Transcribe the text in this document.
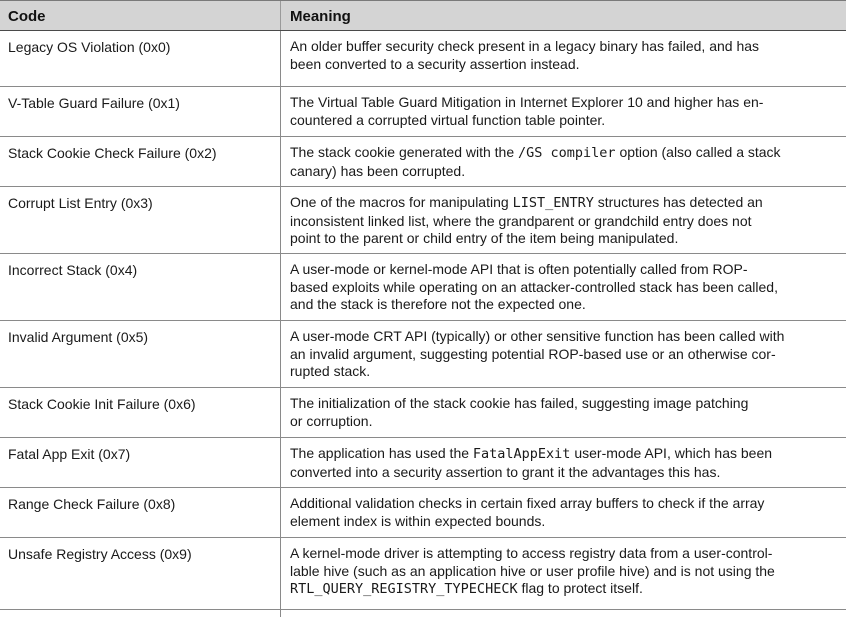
Code	Meaning
Legacy OS Violation (0x0)	An older buffer security check present in a legacy binary has failed, and has
been converted to a security assertion instead.
V-Table Guard Failure (0x1)	The Virtual Table Guard Mitigation in Internet Explorer 10 and higher has en-
countered a corrupted virtual function table pointer.
Stack Cookie Check Failure (0x2)	The stack cookie generated with the /GS compiler option (also called a stack
canary) has been corrupted.
Corrupt List Entry (0x3)	One of the macros for manipulating LIST_ENTRY structures has detected an
inconsistent linked list, where the grandparent or grandchild entry does not
point to the parent or child entry of the item being manipulated.
Incorrect Stack (0x4)	A user-mode or kernel-mode API that is often potentially called from ROP-
based exploits while operating on an attacker-controlled stack has been called,
and the stack is therefore not the expected one.
Invalid Argument (0x5)	A user-mode CRT API (typically) or other sensitive function has been called with
an invalid argument, suggesting potential ROP-based use or an otherwise cor-
rupted stack.
Stack Cookie Init Failure (0x6)	The initialization of the stack cookie has failed, suggesting image patching
or corruption.
Fatal App Exit (0x7)	The application has used the FatalAppExit user-mode API, which has been
converted into a security assertion to grant it the advantages this has.
Range Check Failure (0x8)	Additional validation checks in certain fixed array buffers to check if the array
element index is within expected bounds.
Unsafe Registry Access (0x9)	A kernel-mode driver is attempting to access registry data from a user-control-
lable hive (such as an application hive or user profile hive) and is not using the
RTL_QUERY_REGISTRY_TYPECHECK flag to protect itself.
